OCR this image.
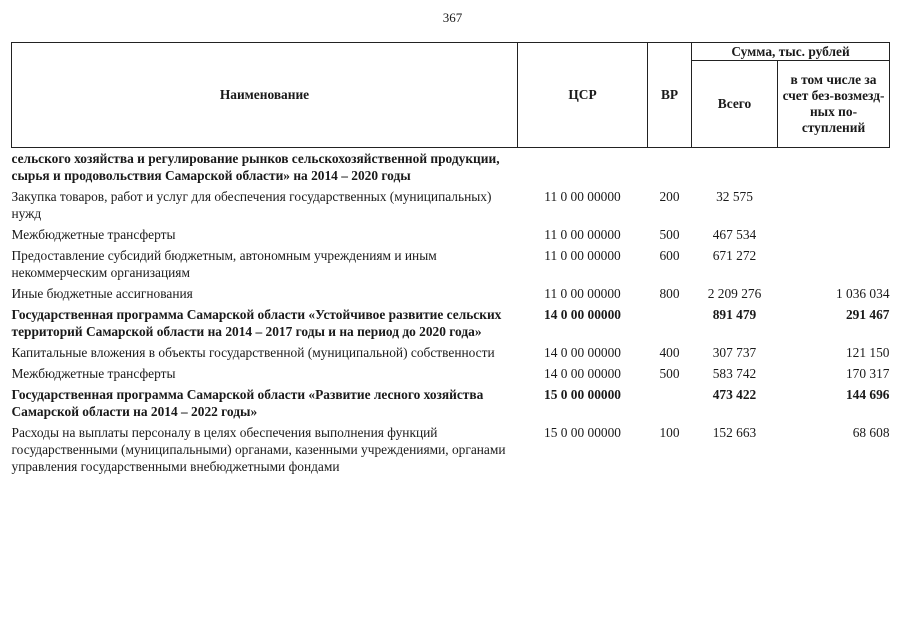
367
Наименование	ЦСР	ВР	Сумма, тыс. рублей	
			Всего	в том числе за счет без-возмезд-ных по-ступлений
сельского хозяйства и регулирование рынков сельскохозяйственной продукции, сырья и продовольствия Самарской области» на 2014 – 2020 годы				
Закупка товаров, работ и услуг для обеспечения государственных (муниципальных) нужд	11 0 00 00000	200	32 575	
Межбюджетные трансферты	11 0 00 00000	500	467 534	
Предоставление субсидий бюджетным, автономным учреждениям и иным некоммерческим организациям	11 0 00 00000	600	671 272	
Иные бюджетные ассигнования	11 0 00 00000	800	2 209 276	1 036 034
Государственная программа Самарской области «Устойчивое развитие сельских территорий Самарской области на 2014 – 2017 годы и на период до 2020 года»	14 0 00 00000		891 479	291 467
Капитальные вложения в объекты государственной (муниципальной) собственности	14 0 00 00000	400	307 737	121 150
Межбюджетные трансферты	14 0 00 00000	500	583 742	170 317
Государственная программа Самарской области «Развитие лесного хозяйства Самарской области на 2014 – 2022 годы»	15 0 00 00000		473 422	144 696
Расходы на выплаты персоналу в целях обеспечения выполнения функций государственными (муниципальными) органами, казенными учреждениями, органами управления государственными внебюджетными фондами	15 0 00 00000	100	152 663	68 608
